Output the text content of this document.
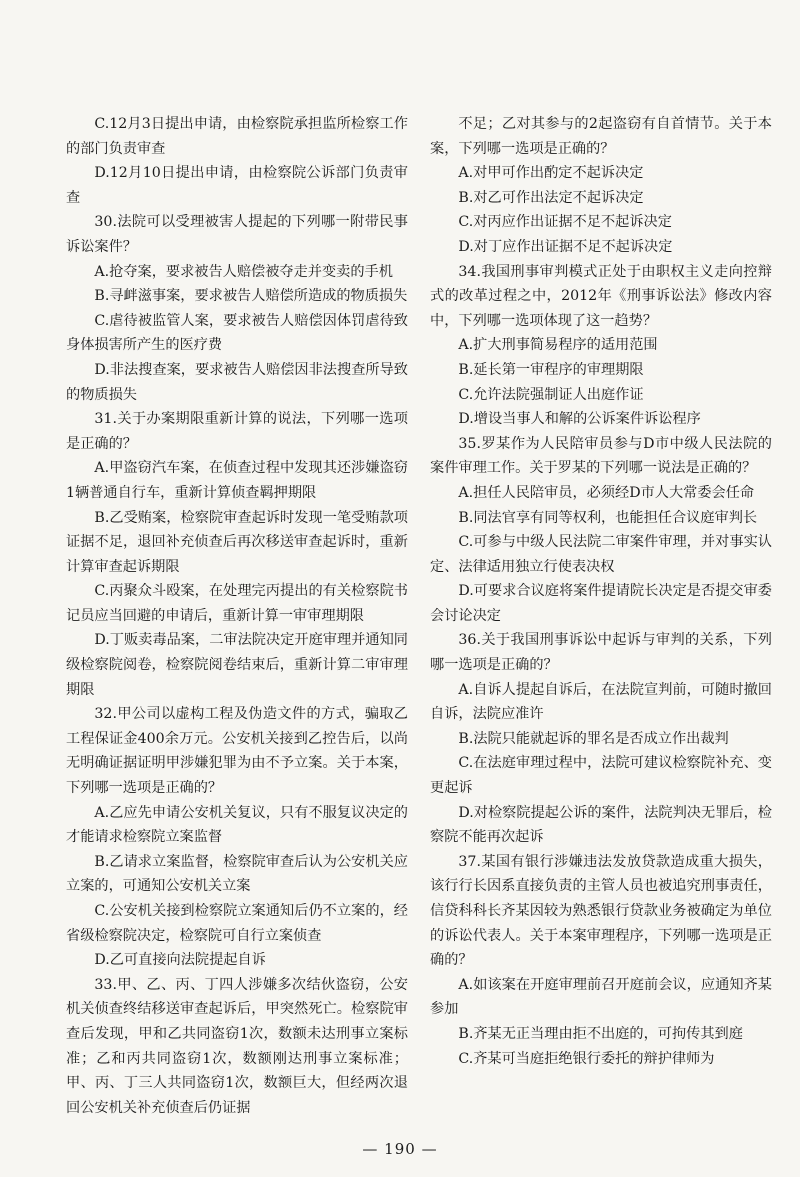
C.12月3日提出申请，由检察院承担监所检察工作的部门负责审查

D.12月10日提出申请，由检察院公诉部门负责审查

30.法院可以受理被害人提起的下列哪一附带民事诉讼案件？

A.抢夺案，要求被告人赔偿被夺走并变卖的手机

B.寻衅滋事案，要求被告人赔偿所造成的物质损失

C.虐待被监管人案，要求被告人赔偿因体罚虐待致身体损害所产生的医疗费

D.非法搜查案，要求被告人赔偿因非法搜查所导致的物质损失

31.关于办案期限重新计算的说法，下列哪一选项是正确的？

A.甲盗窃汽车案，在侦查过程中发现其还涉嫌盗窃1辆普通自行车，重新计算侦查羁押期限

B.乙受贿案，检察院审查起诉时发现一笔受贿款项证据不足，退回补充侦查后再次移送审查起诉时，重新计算审查起诉期限

C.丙聚众斗殴案，在处理完丙提出的有关检察院书记员应当回避的申请后，重新计算一审审理期限

D.丁贩卖毒品案，二审法院决定开庭审理并通知同级检察院阅卷，检察院阅卷结束后，重新计算二审审理期限

32.甲公司以虚构工程及伪造文件的方式，骗取乙工程保证金400余万元。公安机关接到乙控告后，以尚无明确证据证明甲涉嫌犯罪为由不予立案。关于本案，下列哪一选项是正确的？

A.乙应先申请公安机关复议，只有不服复议决定的才能请求检察院立案监督

B.乙请求立案监督，检察院审查后认为公安机关应立案的，可通知公安机关立案

C.公安机关接到检察院立案通知后仍不立案的，经省级检察院决定，检察院可自行立案侦查

D.乙可直接向法院提起自诉

33.甲、乙、丙、丁四人涉嫌多次结伙盗窃，公安机关侦查终结移送审查起诉后，甲突然死亡。检察院审查后发现，甲和乙共同盗窃1次，数额未达刑事立案标准；乙和丙共同盗窃1次，数额刚达刑事立案标准；甲、丙、丁三人共同盗窃1次，数额巨大，但经两次退回公安机关补充侦查后仍证据

不足；乙对其参与的2起盗窃有自首情节。关于本案，下列哪一选项是正确的？

A.对甲可作出酌定不起诉决定

B.对乙可作出法定不起诉决定

C.对丙应作出证据不足不起诉决定

D.对丁应作出证据不足不起诉决定

34.我国刑事审判模式正处于由职权主义走向控辩式的改革过程之中，2012年《刑事诉讼法》修改内容中，下列哪一选项体现了这一趋势？

A.扩大刑事简易程序的适用范围

B.延长第一审程序的审理期限

C.允许法院强制证人出庭作证

D.增设当事人和解的公诉案件诉讼程序

35.罗某作为人民陪审员参与D市中级人民法院的案件审理工作。关于罗某的下列哪一说法是正确的？

A.担任人民陪审员，必须经D市人大常委会任命

B.同法官享有同等权利，也能担任合议庭审判长

C.可参与中级人民法院二审案件审理，并对事实认定、法律适用独立行使表决权

D.可要求合议庭将案件提请院长决定是否提交审委会讨论决定

36.关于我国刑事诉讼中起诉与审判的关系，下列哪一选项是正确的？

A.自诉人提起自诉后，在法院宣判前，可随时撤回自诉，法院应准许

B.法院只能就起诉的罪名是否成立作出裁判

C.在法庭审理过程中，法院可建议检察院补充、变更起诉

D.对检察院提起公诉的案件，法院判决无罪后，检察院不能再次起诉

37.某国有银行涉嫌违法发放贷款造成重大损失，该行行长因系直接负责的主管人员也被追究刑事责任，信贷科科长齐某因较为熟悉银行贷款业务被确定为单位的诉讼代表人。关于本案审理程序，下列哪一选项是正确的？

A.如该案在开庭审理前召开庭前会议，应通知齐某参加

B.齐某无正当理由拒不出庭的，可拘传其到庭

C.齐某可当庭拒绝银行委托的辩护律师为

— 190 —
